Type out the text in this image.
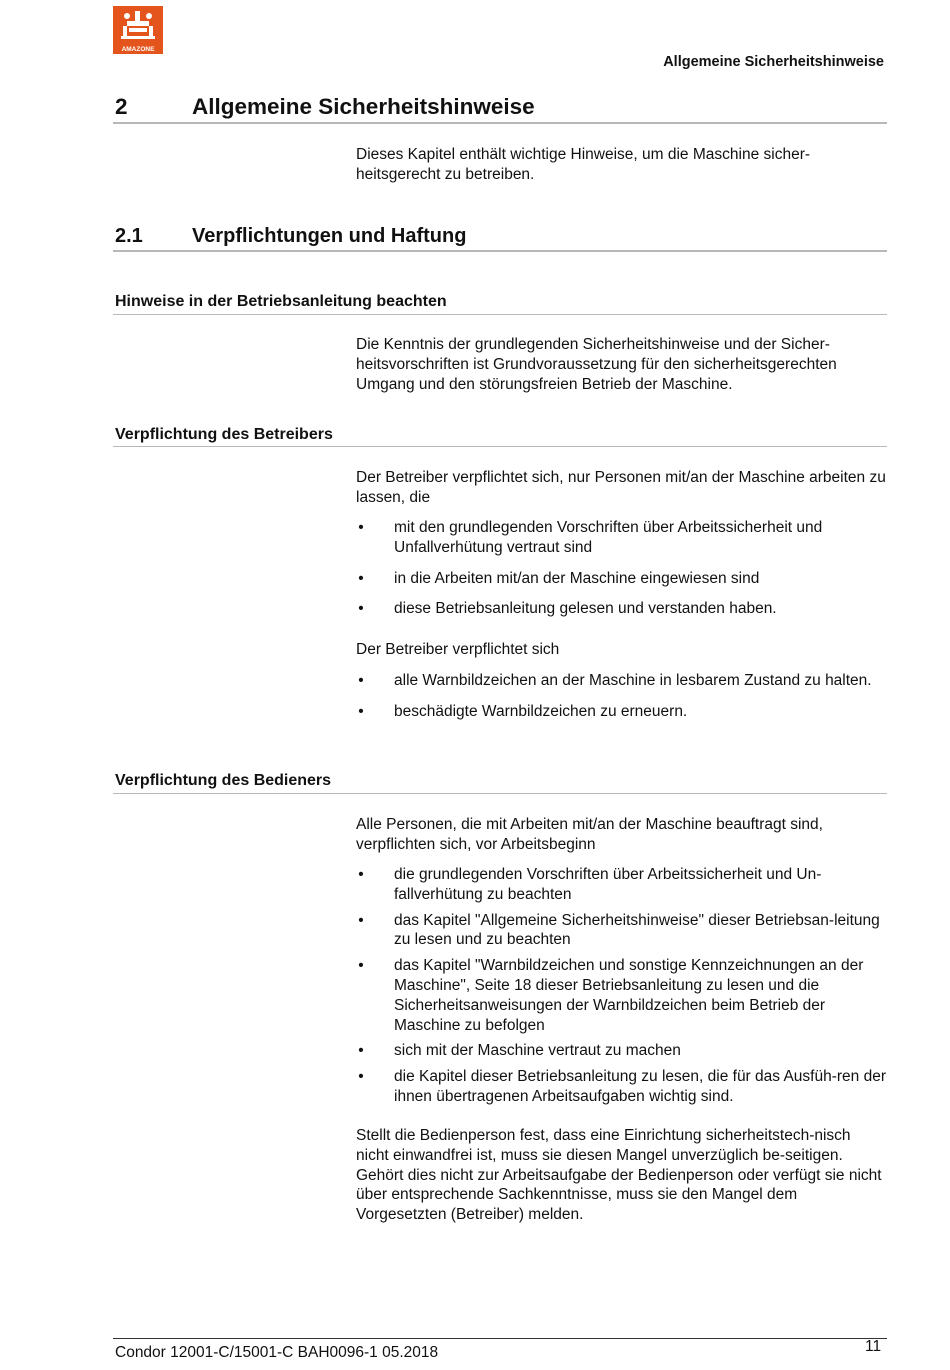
AMAZONE
Allgemeine Sicherheitshinweise
2	Allgemeine Sicherheitshinweise

Dieses Kapitel enthält wichtige Hinweise, um die Maschine sicher-heitsgerecht zu betreiben.

2.1 Verpflichtungen und Haftung
Hinweise in der Betriebsanleitung beachten

Die Kenntnis der grundlegenden Sicherheitshinweise und der Sicher-heitsvorschriften ist Grundvoraussetzung für den sicherheitsgerechten Umgang und den störungsfreien Betrieb der Maschine.

Verpflichtung des Betreibers

Der Betreiber verpflichtet sich, nur Personen mit/an der Maschine arbeiten zu lassen, die

• mit den grundlegenden Vorschriften über Arbeitssicherheit und Unfallverhütung vertraut sind
• in die Arbeiten mit/an der Maschine eingewiesen sind
• diese Betriebsanleitung gelesen und verstanden haben.

Der Betreiber verpflichtet sich

• alle Warnbildzeichen an der Maschine in lesbarem Zustand zu halten.
• beschädigte Warnbildzeichen zu erneuern.
Verpflichtung des Bedieners

Alle Personen, die mit Arbeiten mit/an der Maschine beauftragt sind, verpflichten sich, vor Arbeitsbeginn

• die grundlegenden Vorschriften über Arbeitssicherheit und Un-fallverhütung zu beachten
• das Kapitel "Allgemeine Sicherheitshinweise" dieser Betriebsan-leitung zu lesen und zu beachten
• das Kapitel "Warnbildzeichen und sonstige Kennzeichnungen an der Maschine", Seite 18 dieser Betriebsanleitung zu lesen und die Sicherheitsanweisungen der Warnbildzeichen beim Betrieb der Maschine zu befolgen
• sich mit der Maschine vertraut zu machen
• die Kapitel dieser Betriebsanleitung zu lesen, die für das Ausfüh-ren der ihnen übertragenen Arbeitsaufgaben wichtig sind.

Stellt die Bedienperson fest, dass eine Einrichtung sicherheitstech-nisch nicht einwandfrei ist, muss sie diesen Mangel unverzüglich be-seitigen. Gehört dies nicht zur Arbeitsaufgabe der Bedienperson oder verfügt sie nicht über entsprechende Sachkenntnisse, muss sie den Mangel dem Vorgesetzten (Betreiber) melden.

Condor 12001-C/15001-C BAH0096-1 05.2018	11
